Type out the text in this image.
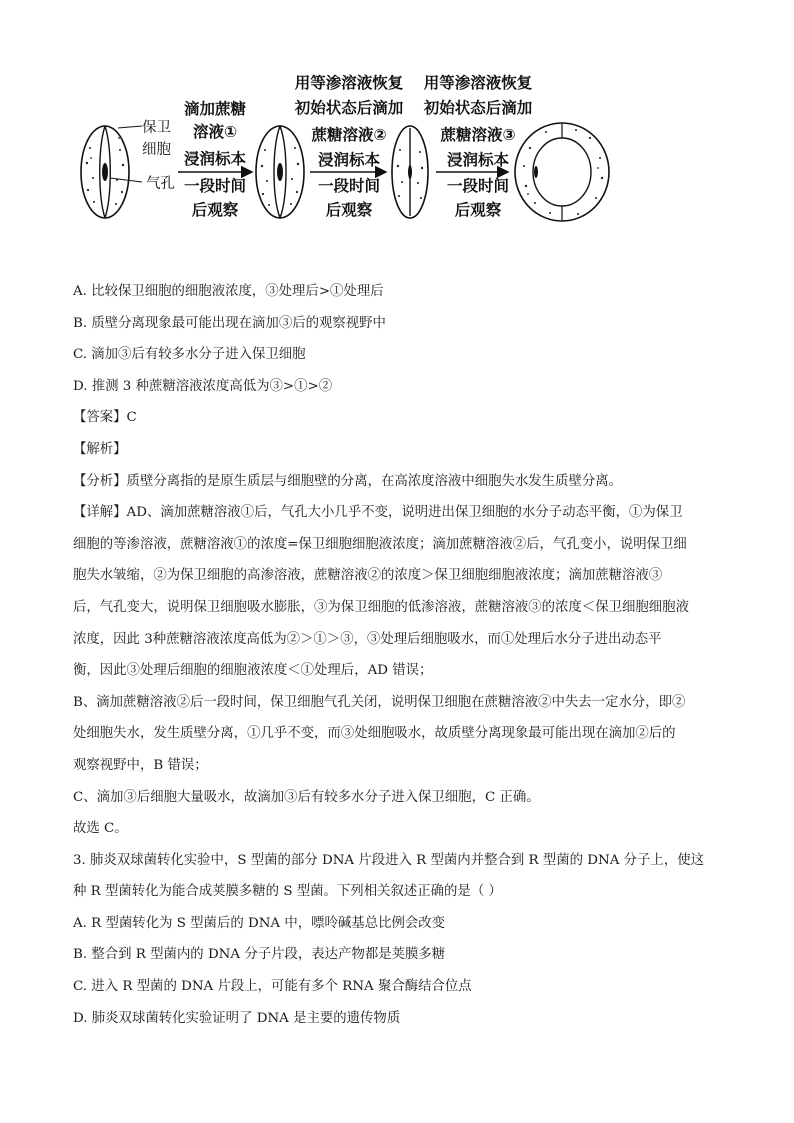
保卫
细胞
气孔
滴加蔗糖
溶液①
浸润标本
一段时间
后观察
用等渗溶液恢复
初始状态后滴加
蔗糖溶液②
浸润标本
一段时间
后观察
用等渗溶液恢复
初始状态后滴加
蔗糖溶液③
浸润标本
一段时间
后观察
A. 比较保卫细胞的细胞液浓度，③处理后>①处理后
B. 质壁分离现象最可能出现在滴加③后的观察视野中
C. 滴加③后有较多水分子进入保卫细胞
D. 推测 3 种蔗糖溶液浓度高低为③>①>②
【答案】C
【解析】
【分析】质壁分离指的是原生质层与细胞壁的分离，在高浓度溶液中细胞失水发生质壁分离。
【详解】AD、滴加蔗糖溶液①后，气孔大小几乎不变，说明进出保卫细胞的水分子动态平衡，①为保卫
细胞的等渗溶液，蔗糖溶液①的浓度=保卫细胞细胞液浓度；滴加蔗糖溶液②后，气孔变小，说明保卫细
胞失水皱缩，②为保卫细胞的高渗溶液，蔗糖溶液②的浓度＞保卫细胞细胞液浓度；滴加蔗糖溶液③
后，气孔变大，说明保卫细胞吸水膨胀，③为保卫细胞的低渗溶液，蔗糖溶液③的浓度＜保卫细胞细胞液
浓度，因此 3种蔗糖溶液浓度高低为②＞①＞③，③处理后细胞吸水，而①处理后水分子进出动态平
衡，因此③处理后细胞的细胞液浓度＜①处理后，AD 错误；
B、滴加蔗糖溶液②后一段时间，保卫细胞气孔关闭，说明保卫细胞在蔗糖溶液②中失去一定水分，即②
处细胞失水，发生质壁分离，①几乎不变，而③处细胞吸水，故质壁分离现象最可能出现在滴加②后的
观察视野中，B 错误；
C、滴加③后细胞大量吸水，故滴加③后有较多水分子进入保卫细胞，C 正确。
故选 C。
3. 肺炎双球菌转化实验中，S 型菌的部分 DNA 片段进入 R 型菌内并整合到 R 型菌的 DNA 分子上，使这
种 R 型菌转化为能合成荚膜多糖的 S 型菌。下列相关叙述正确的是（ ）
A. R 型菌转化为 S 型菌后的 DNA 中，嘌呤碱基总比例会改变
B. 整合到 R 型菌内的 DNA 分子片段，表达产物都是荚膜多糖
C. 进入 R 型菌的 DNA 片段上，可能有多个 RNA 聚合酶结合位点
D. 肺炎双球菌转化实验证明了 DNA 是主要的遗传物质
